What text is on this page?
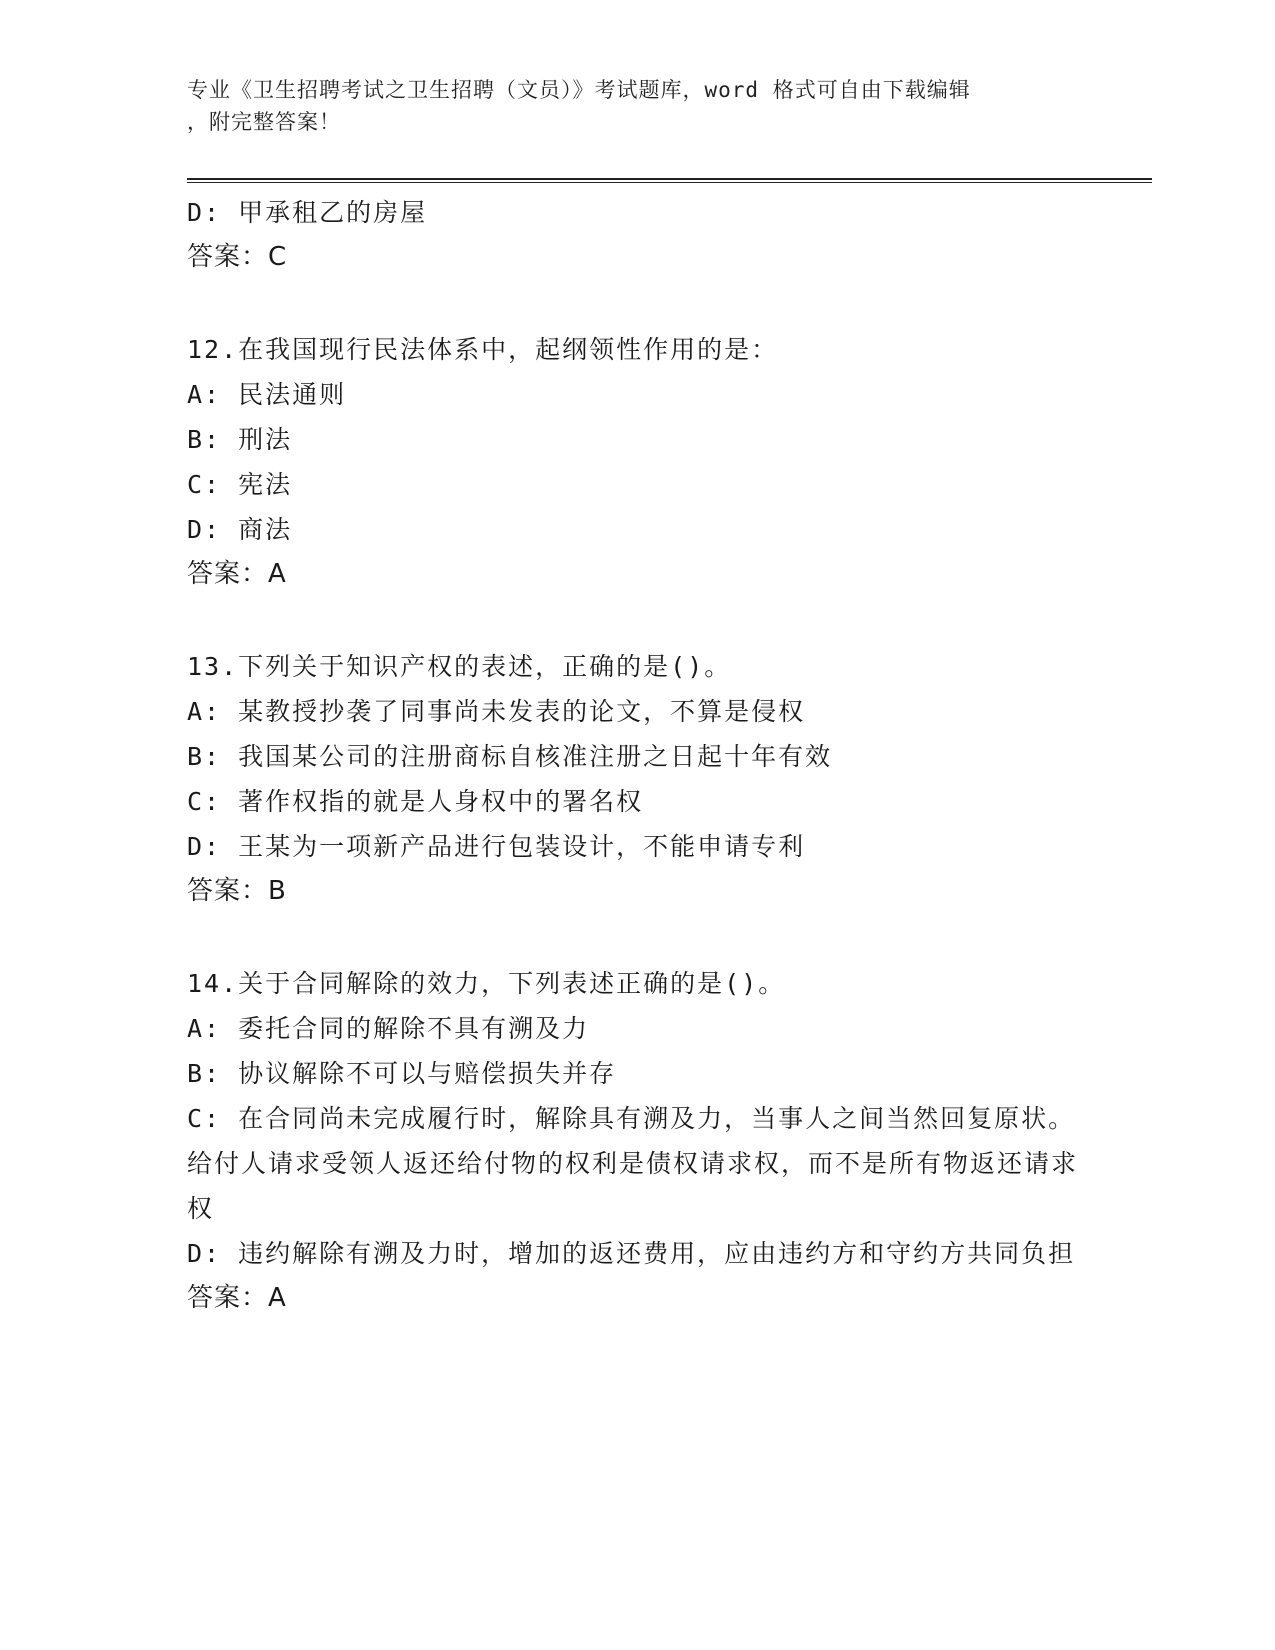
专业《卫生招聘考试之卫生招聘（文员）》考试题库，word 格式可自由下载编辑
，附完整答案！
D: 甲承租乙的房屋
答案：C
12.在我国现行民法体系中，起纲领性作用的是：
A: 民法通则
B: 刑法
C: 宪法
D: 商法
答案：A
13.下列关于知识产权的表述，正确的是()。
A: 某教授抄袭了同事尚未发表的论文，不算是侵权
B: 我国某公司的注册商标自核准注册之日起十年有效
C: 著作权指的就是人身权中的署名权
D: 王某为一项新产品进行包装设计，不能申请专利
答案：B
14.关于合同解除的效力，下列表述正确的是()。
A: 委托合同的解除不具有溯及力
B: 协议解除不可以与赔偿损失并存
C: 在合同尚未完成履行时，解除具有溯及力，当事人之间当然回复原状。给付人请求受领人返还给付物的权利是债权请求权，而不是所有物返还请求权
D: 违约解除有溯及力时，增加的返还费用，应由违约方和守约方共同负担
答案：A
